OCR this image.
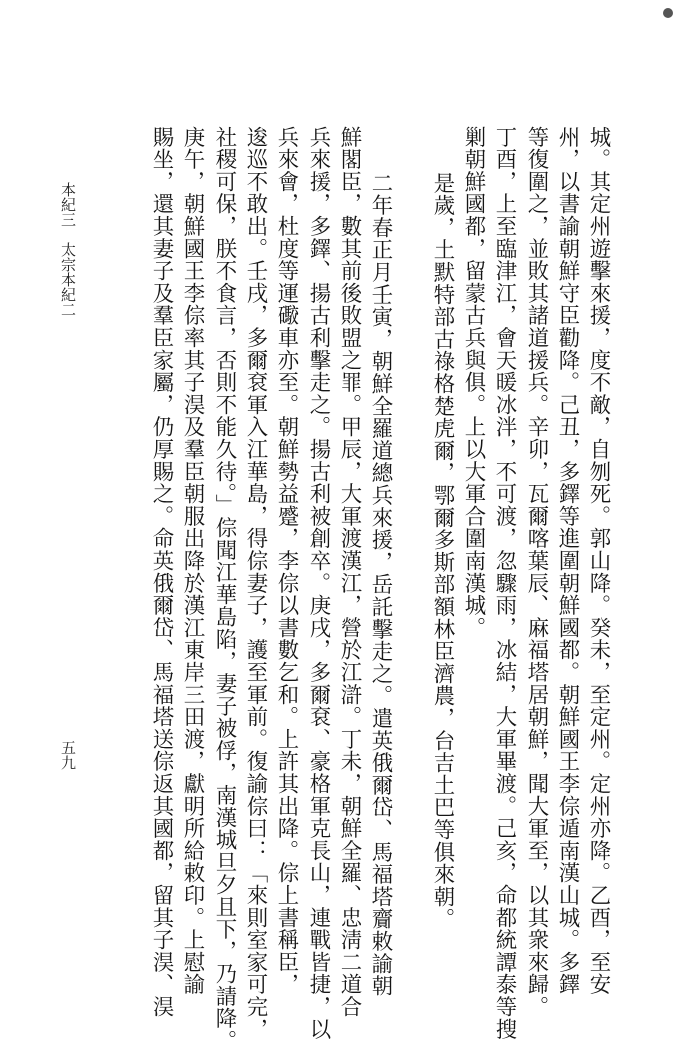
城。其定州遊擊來援，度不敵，自刎死。郭山降。癸未，至定州。定州亦降。乙酉，至安
州，以書諭朝鮮守臣勸降。己丑，多鐸等進圍朝鮮國都。朝鮮國王李倧遁南漢山城。多鐸
等復圍之，並敗其諸道援兵。辛卯，瓦爾喀葉辰、麻福塔居朝鮮，聞大軍至，以其衆來歸。
丁酉，上至臨津江，會天暖冰泮，不可渡，忽驟雨，冰結，大軍畢渡。己亥，命都統譚泰等搜
剿朝鮮國都，留蒙古兵與俱。上以大軍合圍南漢城。
是歲，土默特部古祿格楚虎爾，鄂爾多斯部額林臣濟農，台吉土巴等俱來朝。
二年春正月壬寅，朝鮮全羅道總兵來援，岳託擊走之。遣英俄爾岱、馬福塔齎敕諭朝
鮮閣臣，數其前後敗盟之罪。甲辰，大軍渡漢江，營於江滸。丁未，朝鮮全羅、忠淸二道合
兵來援，多鐸、揚古利擊走之。揚古利被創卒。庚戌，多爾袞、豪格軍克長山，連戰皆捷，以
兵來會，杜度等運礮車亦至。朝鮮勢益蹙，李倧以書數乞和。上許其出降。倧上書稱臣，
逡巡不敢出。壬戌，多爾袞軍入江華島，得倧妻子，護至軍前。復諭倧曰：「來則室家可完，
社稷可保，朕不食言，否則不能久待。」倧聞江華島陷，妻子被俘，南漢城旦夕且下，乃請降。
庚午，朝鮮國王李倧率其子淏及羣臣朝服出降於漢江東岸三田渡，獻明所給敕印。上慰諭
賜坐，還其妻子及羣臣家屬，仍厚賜之。命英俄爾岱、馬福塔送倧返其國都，留其子淏、淏
本紀三　太宗本紀二
五九
